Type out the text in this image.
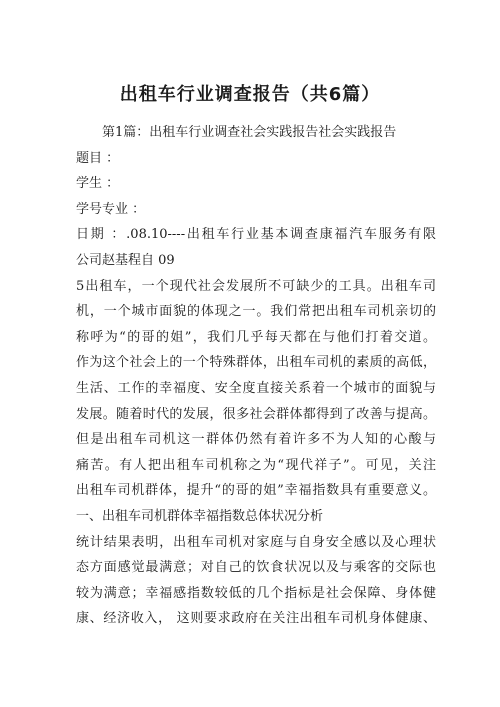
出租车行业调查报告（共6篇）

第1篇：出租车行业调查社会实践报告社会实践报告

题目 ：

学生 ：

学号专业 ：

日期 ：.08.10----出租车行业基本调查康福汽车服务有限

公司赵基程自 09

5出租车，一个现代社会发展所不可缺少的工具。出租车司

机，一个城市面貌的体现之一。我们常把出租车司机亲切的

称呼为“的哥的姐”，我们几乎每天都在与他们打着交道。

作为这个社会上的一个特殊群体，出租车司机的素质的高低，

生活、工作的幸福度、安全度直接关系着一个城市的面貌与

发展。随着时代的发展，很多社会群体都得到了改善与提高。

但是出租车司机这一群体仍然有着许多不为人知的心酸与

痛苦。有人把出租车司机称之为“现代祥子”。可见，关注

出租车司机群体，提升“的哥的姐”幸福指数具有重要意义。

一、出租车司机群体幸福指数总体状况分析

统计结果表明，出租车司机对家庭与自身安全感以及心理状

态方面感觉最满意；对自己的饮食状况以及与乘客的交际也

较为满意；幸福感指数较低的几个指标是社会保障、身体健

康、经济收入， 这则要求政府在关注出租车司机身体健康、
